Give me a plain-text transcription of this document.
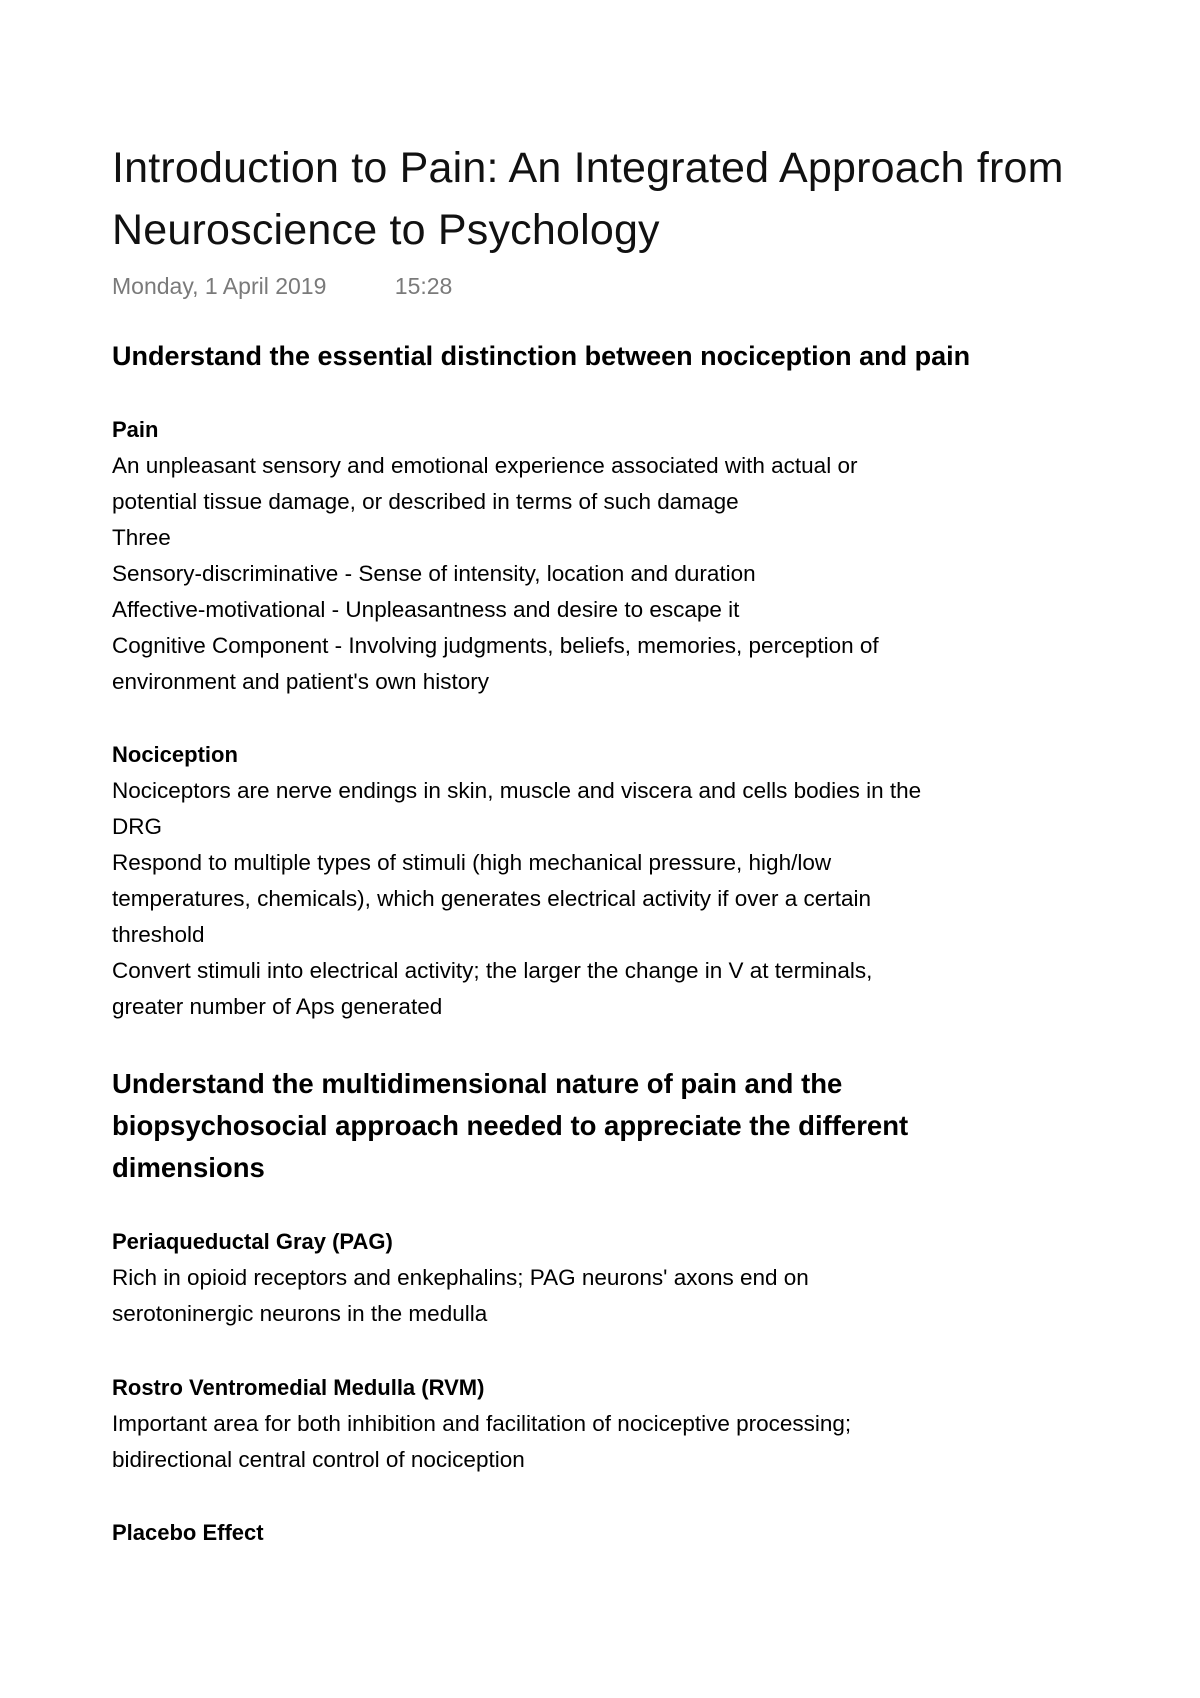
Introduction to Pain: An Integrated Approach from
Neuroscience to Psychology
Monday, 1 April 2019	15:28
Understand the essential distinction between nociception and pain
Pain
An unpleasant sensory and emotional experience associated with actual or
potential tissue damage, or described in terms of such damage
Three
Sensory-discriminative - Sense of intensity, location and duration
Affective-motivational - Unpleasantness and desire to escape it
Cognitive Component - Involving judgments, beliefs, memories, perception of
environment and patient's own history
Nociception
Nociceptors are nerve endings in skin, muscle and viscera and cells bodies in the
DRG
Respond to multiple types of stimuli (high mechanical pressure, high/low
temperatures, chemicals), which generates electrical activity if over a certain
threshold
Convert stimuli into electrical activity; the larger the change in V at terminals,
greater number of Aps generated
Understand the multidimensional nature of pain and the
biopsychosocial approach needed to appreciate the different
dimensions
Periaqueductal Gray (PAG)
Rich in opioid receptors and enkephalins; PAG neurons' axons end on
serotoninergic neurons in the medulla
Rostro Ventromedial Medulla (RVM)
Important area for both inhibition and facilitation of nociceptive processing;
bidirectional central control of nociception
Placebo Effect
